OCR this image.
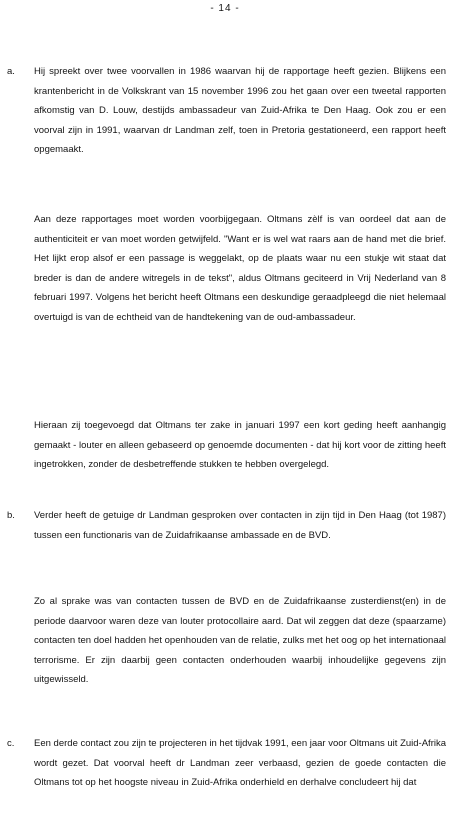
- 14 -
a. Hij spreekt over twee voorvallen in 1986 waarvan hij de rapportage heeft gezien. Blijkens een krantenbericht in de Volkskrant van 15 november 1996 zou het gaan over een tweetal rapporten afkomstig van D. Louw, destijds ambassadeur van Zuid-Afrika te Den Haag. Ook zou er een voorval zijn in 1991, waarvan dr Landman zelf, toen in Pretoria gestationeerd, een rapport heeft opgemaakt.

Aan deze rapportages moet worden voorbijgegaan. Oltmans zèlf is van oordeel dat aan de authenticiteit er van moet worden getwijfeld. "Want er is wel wat raars aan de hand met die brief. Het lijkt erop alsof er een passage is weggelakt, op de plaats waar nu een stukje wit staat dat breder is dan de andere witregels in de tekst", aldus Oltmans geciteerd in Vrij Nederland van 8 februari 1997. Volgens het bericht heeft Oltmans een deskundige geraadpleegd die niet helemaal overtuigd is van de echtheid van de handtekening van de oud-ambassadeur.

Hieraan zij toegevoegd dat Oltmans ter zake in januari 1997 een kort geding heeft aanhangig gemaakt - louter en alleen gebaseerd op genoemde documenten - dat hij kort voor de zitting heeft ingetrokken, zonder de desbetreffende stukken te hebben overgelegd.

b. Verder heeft de getuige dr Landman gesproken over contacten in zijn tijd in Den Haag (tot 1987) tussen een functionaris van de Zuidafrikaanse ambassade en de BVD.

Zo al sprake was van contacten tussen de BVD en de Zuidafrikaanse zusterdienst(en) in de periode daarvoor waren deze van louter protocollaire aard. Dat wil zeggen dat deze (spaarzame) contacten ten doel hadden het openhouden van de relatie, zulks met het oog op het internationaal terrorisme. Er zijn daarbij geen contacten onderhouden waarbij inhoudelijke gegevens zijn uitgewisseld.

c. Een derde contact zou zijn te projecteren in het tijdvak 1991, een jaar voor Oltmans uit Zuid-Afrika wordt gezet. Dat voorval heeft dr Landman zeer verbaasd, gezien de goede contacten die Oltmans tot op het hoogste niveau in Zuid-Afrika onderhield en derhalve concludeert hij dat
